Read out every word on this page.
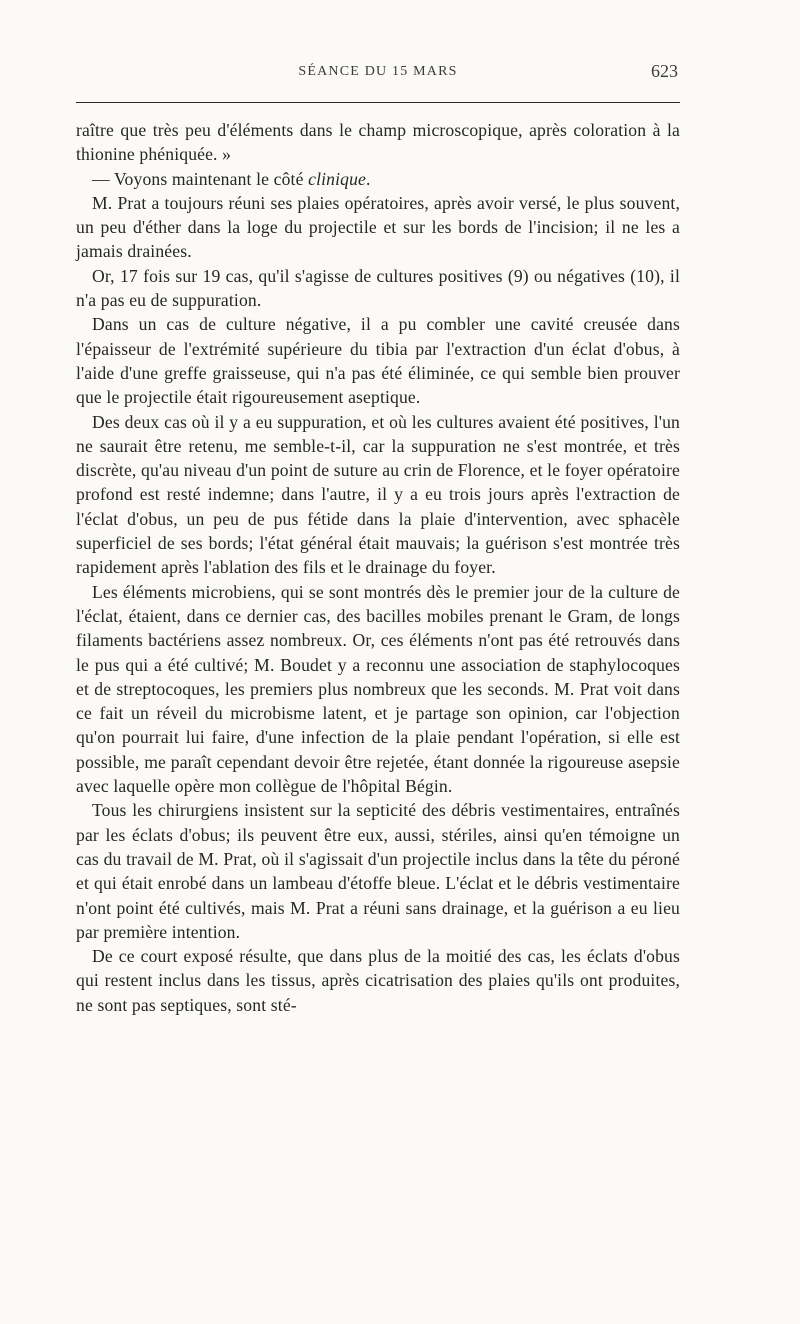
SÉANCE DU 15 MARS	623

raître que très peu d'éléments dans le champ microscopique, après coloration à la thionine phéniquée. »

— Voyons maintenant le côté clinique.

M. Prat a toujours réuni ses plaies opératoires, après avoir versé, le plus souvent, un peu d'éther dans la loge du projectile et sur les bords de l'incision; il ne les a jamais drainées.

Or, 17 fois sur 19 cas, qu'il s'agisse de cultures positives (9) ou négatives (10), il n'a pas eu de suppuration.

Dans un cas de culture négative, il a pu combler une cavité creusée dans l'épaisseur de l'extrémité supérieure du tibia par l'extraction d'un éclat d'obus, à l'aide d'une greffe graisseuse, qui n'a pas été éliminée, ce qui semble bien prouver que le projectile était rigoureusement aseptique.

Des deux cas où il y a eu suppuration, et où les cultures avaient été positives, l'un ne saurait être retenu, me semble-t-il, car la suppuration ne s'est montrée, et très discrète, qu'au niveau d'un point de suture au crin de Florence, et le foyer opératoire profond est resté indemne; dans l'autre, il y a eu trois jours après l'extraction de l'éclat d'obus, un peu de pus fétide dans la plaie d'intervention, avec sphacèle superficiel de ses bords; l'état général était mauvais; la guérison s'est montrée très rapidement après l'ablation des fils et le drainage du foyer.

Les éléments microbiens, qui se sont montrés dès le premier jour de la culture de l'éclat, étaient, dans ce dernier cas, des bacilles mobiles prenant le Gram, de longs filaments bactériens assez nombreux. Or, ces éléments n'ont pas été retrouvés dans le pus qui a été cultivé; M. Boudet y a reconnu une association de staphylocoques et de streptocoques, les premiers plus nombreux que les seconds. M. Prat voit dans ce fait un réveil du microbisme latent, et je partage son opinion, car l'objection qu'on pourrait lui faire, d'une infection de la plaie pendant l'opération, si elle est possible, me paraît cependant devoir être rejetée, étant donnée la rigoureuse asepsie avec laquelle opère mon collègue de l'hôpital Bégin.

Tous les chirurgiens insistent sur la septicité des débris vestimentaires, entraînés par les éclats d'obus; ils peuvent être eux, aussi, stériles, ainsi qu'en témoigne un cas du travail de M. Prat, où il s'agissait d'un projectile inclus dans la tête du péroné et qui était enrobé dans un lambeau d'étoffe bleue. L'éclat et le débris vestimentaire n'ont point été cultivés, mais M. Prat a réuni sans drainage, et la guérison a eu lieu par première intention.

De ce court exposé résulte, que dans plus de la moitié des cas, les éclats d'obus qui restent inclus dans les tissus, après cicatrisation des plaies qu'ils ont produites, ne sont pas septiques, sont sté-
